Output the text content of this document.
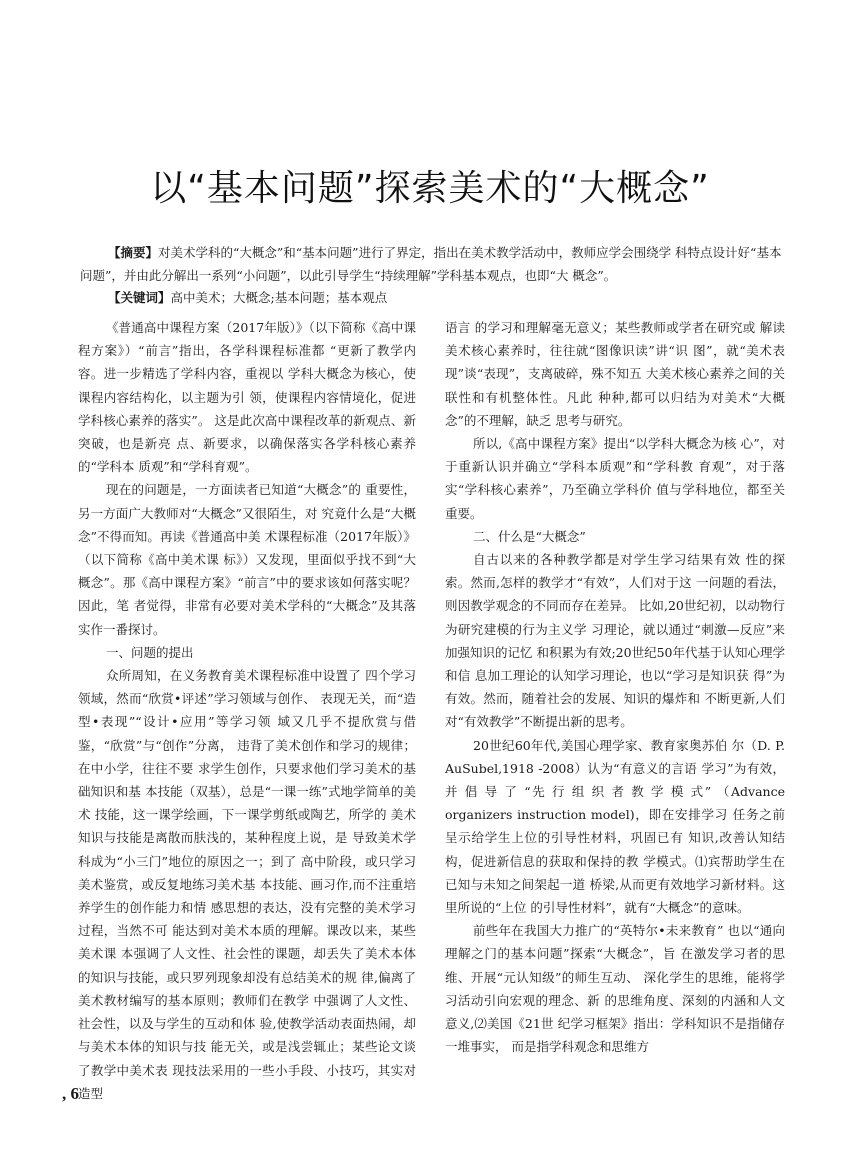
以“基本问题”探索美术的“大概念”
【摘要】对美术学科的“大概念”和“基本问题”进行了界定，指出在美术教学活动中，教师应学会围绕学 科特点设计好“基本问题”，并由此分解出一系列“小问题”，以此引导学生“持续理解”学科基本观点，也即“大 概念”。
【关键词】高中美术；大概念;基本问题；基本观点

《普通高中课程方案（2017年版）》（以下简称《高中课程方案》）“前言”指出，各学科课程标准都 “更新了教学内容。进一步精选了学科内容，重视以 学科大概念为核心，使课程内容结构化，以主题为引 领，使课程内容情境化，促进学科核心素养的落实”。 这是此次高中课程改革的新观点、新突破，也是新亮 点、新要求，以确保落实各学科核心素养的“学科本 质观”和“学科育观”。

现在的问题是，一方面读者已知道“大概念”的 重要性，另一方面广大教师对“大概念”又很陌生，对 究竟什么是“大概念”不得而知。再读《普通高中美 术课程标准（2017年版）》（以下简称《高中美术课 标》）又发现，里面似乎找不到“大概念”。那《高中课程方案》“前言”中的要求该如何落实呢？因此，笔 者觉得，非常有必要对美术学科的“大概念”及其落 实作一番探讨。

一、问题的提出

众所周知，在义务教育美术课程标准中设置了 四个学习领域，然而“欣赏•评述”学习领域与创作、 表现无关，而“造型•表现”“设计•应用”等学习领 域又几乎不提欣赏与借鉴，“欣赏”与“创作”分离， 违背了美术创作和学习的规律；在中小学，往往不要 求学生创作，只要求他们学习美术的基础知识和基 本技能（双基），总是“一课一练”式地学简单的美术 技能，这一课学绘画，下一课学剪纸或陶艺，所学的 美术知识与技能是离散而肤浅的，某种程度上说，是 导致美术学科成为“小三门”地位的原因之一；到了 高中阶段，或只学习美术鉴赏，或反复地练习美术基 本技能、画习作,而不注重培养学生的创作能力和情 感思想的表达，没有完整的美术学习过程，当然不可 能达到对美术本质的理解。课改以来，某些美术课 本强调了人文性、社会性的课题，却丢失了美术本体 的知识与技能，或只罗列现象却没有总结美术的规 律,偏离了美术教材编写的基本原则；教师们在教学 中强调了人文性、社会性，以及与学生的互动和体 验,使教学活动表面热闹，却与美术本体的知识与技 能无关，或是浅尝辄止；某些论文谈了教学中美术表 现技法采用的一些小手段、小技巧，其实对造型

语言 的学习和理解毫无意义；某些教师或学者在研究或 解读美术核心素养时，往往就“图像识读”讲“识 图”，就“美术表现”谈“表现”，支离破碎，殊不知五 大美术核心素养之间的关联性和有机整体性。凡此 种种,都可以归结为对美术“大概念”的不理解，缺乏 思考与研究。

所以,《高中课程方案》提出“以学科大概念为核 心”，对于重新认识并确立“学科本质观”和“学科教 育观”，对于落实“学科核心素养”，乃至确立学科价 值与学科地位，都至关重要。

二、什么是“大概念”

自古以来的各种教学都是对学生学习结果有效 性的探索。然而,怎样的教学才“有效”，人们对于这 一问题的看法，则因教学观念的不同而存在差异。 比如,20世纪初，以动物行为研究建模的行为主义学 习理论，就以通过“刺激—反应”来加强知识的记忆 和积累为有效;20世纪50年代基于认知心理学和信 息加工理论的认知学习理论，也以“学习是知识获 得”为有效。然而，随着社会的发展、知识的爆炸和 不断更新,人们对“有效教学”不断提出新的思考。

20世纪60年代,美国心理学家、教育家奥苏伯 尔（D. P. AuSubel,1918 -2008）认为“有意义的言语 学习”为有效， 并 倡 导 了 “先 行 组 织 者 教 学 模 式” （Advance organizers instruction model)，即在安排学习 任务之前呈示给学生上位的引导性材料，巩固已有 知识,改善认知结构，促进新信息的获取和保持的教 学模式。⑴宾帮助学生在已知与未知之间架起一道 桥梁,从而更有效地学习新材料。这里所说的“上位 的引导性材料”，就有“大概念”的意味。

前些年在我国大力推广的“英特尔•未来教育” 也以“通向理解之门的基本问题”探索“大概念”，旨 在激发学习者的思维、开展“元认知级”的师生互动、 深化学生的思维，能将学习活动引向宏观的理念、新 的思维角度、深刻的内涵和人文意义,⑵美国《21世 纪学习框架》指出：学科知识不是指储存一堆事实， 而是指学科观念和思维方

, 6
